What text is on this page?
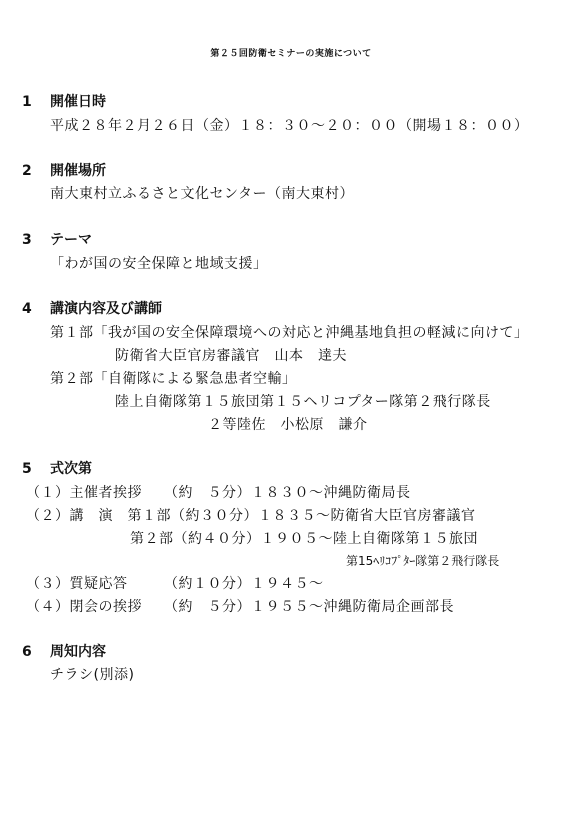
第２５回防衛セミナーの実施について
1 開催日時
平成２８年２月２６日（金）１８：３０～２０：００（開場１８：００）
2 開催場所
南大東村立ふるさと文化センター（南大東村）
3 テーマ
「わが国の安全保障と地域支援」
4 講演内容及び講師
第１部「我が国の安全保障環境への対応と沖縄基地負担の軽減に向けて」
防衛省大臣官房審議官　山本　達夫
第２部「自衛隊による緊急患者空輸」
陸上自衛隊第１５旅団第１５ヘリコプター隊第２飛行隊長
２等陸佐　小松原　謙介
5 式次第
（１）主催者挨拶　　（約　５分）１８３０～沖縄防衛局長
（２）講　演　第１部（約３０分）１８３５～防衛省大臣官房審議官
第２部（約４０分）１９０５～陸上自衛隊第１５旅団
第15ﾍﾘｺﾌﾟﾀｰ隊第２飛行隊長
（３）質疑応答　　　（約１０分）１９４５～
（４）閉会の挨拶　　（約　５分）１９５５～沖縄防衛局企画部長
6 周知内容
チラシ(別添)
